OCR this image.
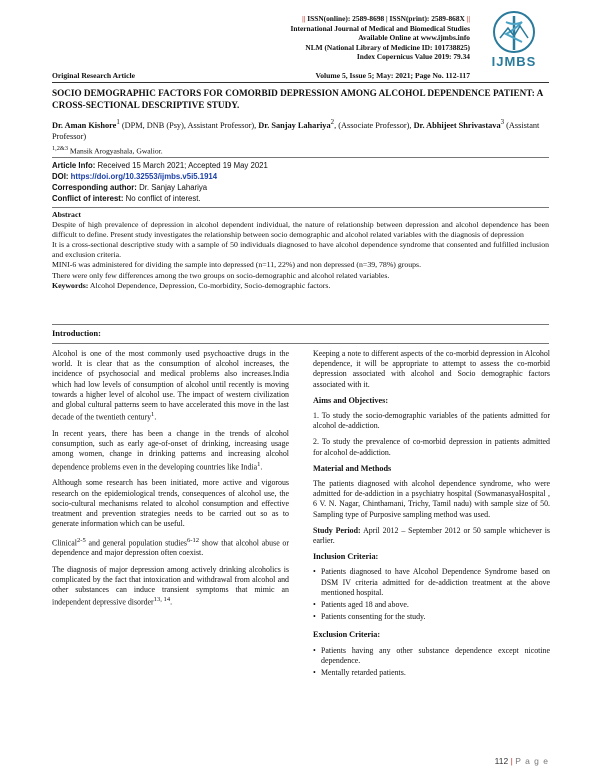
|| ISSN(online): 2589-8698 | ISSN(print): 2589-868X ||
International Journal of Medical and Biomedical Studies
Available Online at www.ijmbs.info
NLM (National Library of Medicine ID: 101738825)
Index Copernicus Value 2019: 79.34
Original Research Article	Volume 5, Issue 5; May: 2021; Page No. 112-117
IJMBS
SOCIO DEMOGRAPHIC FACTORS FOR COMORBID DEPRESSION AMONG ALCOHOL DEPENDENCE PATIENT: A CROSS-SECTIONAL DESCRIPTIVE STUDY.
Dr. Aman Kishore$^1$ (DPM, DNB (Psy), Assistant Professor), Dr. Sanjay Lahariya$^2$, (Associate Professor), Dr. Abhijeet Shrivastava$^3$ (Assistant Professor)
$^{1,2\&3}$ Mansik Arogyashala, Gwalior.
Article Info: Received 15 March 2021; Accepted 19 May 2021
DOI: https://doi.org/10.32553/ijmbs.v5i5.1914
Corresponding author: Dr. Sanjay Lahariya
Conflict of interest: No conflict of interest.

Abstract

Despite of high prevalence of depression in alcohol dependent individual, the nature of relationship between depression and alcohol dependence has been difficult to define. Present study investigates the relationship between socio demographic and alcohol related variables with the diagnosis of depression

It is a cross-sectional descriptive study with a sample of 50 individuals diagnosed to have alcohol dependence syndrome that consented and fulfilled inclusion and exclusion criteria.

MINI-6 was administered for dividing the sample into depressed (n=11, 22%) and non depressed (n=39, 78%) groups.

There were only few differences among the two groups on socio-demographic and alcohol related variables.

Keywords: Alcohol Dependence, Depression, Co-morbidity, Socio-demographic factors.

Introduction:

Alcohol is one of the most commonly used psychoactive drugs in the world. It is clear that as the consumption of alcohol increases, the incidence of psychosocial and medical problems also increases.India which had low levels of consumption of alcohol until recently is moving towards a higher level of alcohol use. The impact of western civilization and global cultural patterns seem to have accelerated this move in the last decade of the twentieth century$^1$.

In recent years, there has been a change in the trends of alcohol consumption, such as early age-of-onset of drinking, increasing usage among women, change in drinking patterns and increasing alcohol dependence problems even in the developing countries like India$^1$.

Although some research has been initiated, more active and vigorous research on the epidemiological trends, consequences of alcohol use, the socio-cultural mechanisms related to alcohol consumption and effective treatment and prevention strategies needs to be carried out so as to generate information which can be useful.

Clinical$^{2-5}$ and general population studies$^{6-12}$ show that alcohol abuse or dependence and major depression often coexist.

The diagnosis of major depression among actively drinking alcoholics is complicated by the fact that intoxication and withdrawal from alcohol and other substances can induce transient symptoms that mimic an independent depressive disorder$^{13, 14}$.

Keeping a note to different aspects of the co-morbid depression in Alcohol dependence, it will be appropriate to attempt to assess the co-morbid depression associated with alcohol and Socio demographic factors associated with it.

Aims and Objectives:

1. To study the socio-demographic variables of the patients admitted for alcohol de-addiction.

2. To study the prevalence of co-morbid depression in patients admitted for alcohol de-addiction.

Material and Methods

The patients diagnosed with alcohol dependence syndrome, who were admitted for de-addiction in a psychiatry hospital (SowmanasyaHospital , 6 V. N. Nagar, Chinthamani, Trichy, Tamil nadu) with sample size of 50. Sampling type of Purposive sampling method was used.

Study Period: April 2012 – September 2012 or 50 sample whichever is earlier.

Inclusion Criteria:

• Patients diagnosed to have Alcohol Dependence Syndrome based on DSM IV criteria admitted for de-addiction treatment at the above mentioned hospital.
• Patients aged 18 and above.
• Patients consenting for the study.

Exclusion Criteria:

• Patients having any other substance dependence except nicotine dependence.
• Mentally retarded patients.
112 | P a g e
